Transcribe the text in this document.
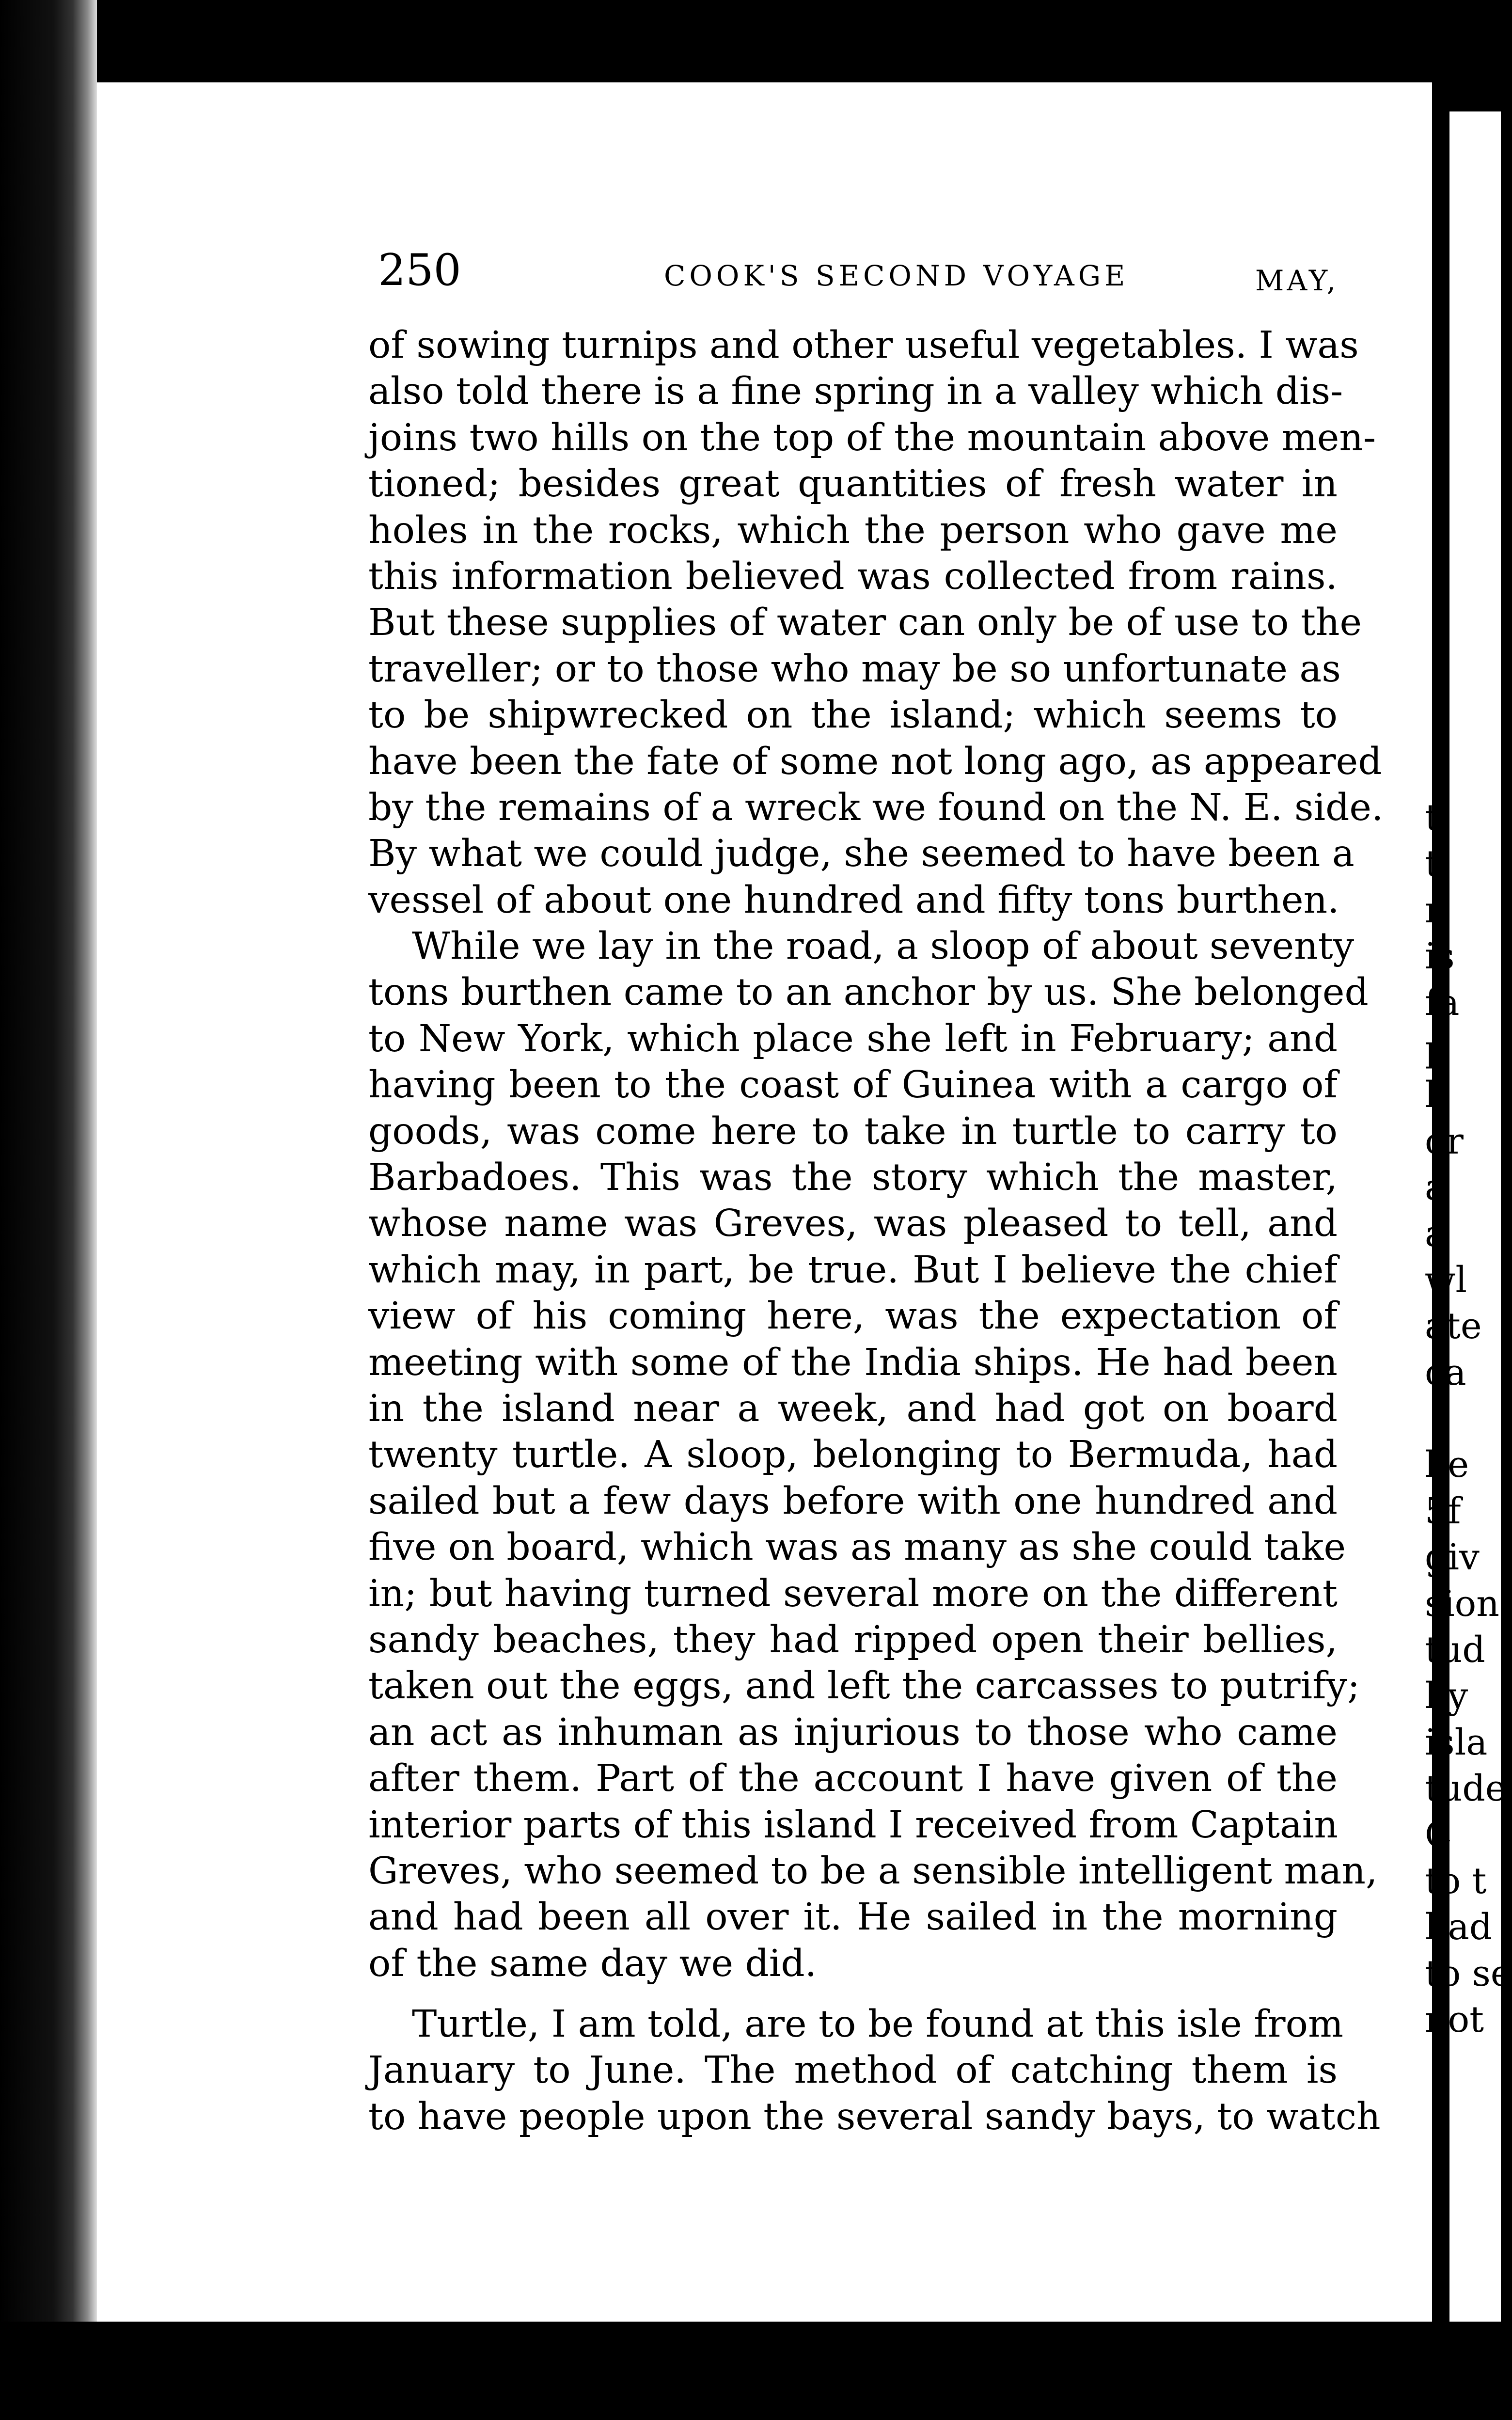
250	COOK'S SECOND VOYAGE	MAY,
of sowing turnips and other useful vegetables. I was
also told there is a fine spring in a valley which dis-
joins two hills on the top of the mountain above men-
tioned; besides great quantities of fresh water in
holes in the rocks, which the person who gave me
this information believed was collected from rains.
But these supplies of water can only be of use to the
traveller; or to those who may be so unfortunate as
to be shipwrecked on the island; which seems to
have been the fate of some not long ago, as appeared
by the remains of a wreck we found on the N. E. side.
By what we could judge, she seemed to have been a
vessel of about one hundred and fifty tons burthen.
While we lay in the road, a sloop of about seventy
tons burthen came to an anchor by us. She belonged
to New York, which place she left in February; and
having been to the coast of Guinea with a cargo of
goods, was come here to take in turtle to carry to
Barbadoes. This was the story which the master,
whose name was Greves, was pleased to tell, and
which may, in part, be true. But I believe the chief
view of his coming here, was the expectation of
meeting with some of the India ships. He had been
in the island near a week, and had got on board
twenty turtle. A sloop, belonging to Bermuda, had
sailed but a few days before with one hundred and
five on board, which was as many as she could take
in; but having turned several more on the different
sandy beaches, they had ripped open their bellies,
taken out the eggs, and left the carcasses to putrify;
an act as inhuman as injurious to those who came
after them. Part of the account I have given of the
interior parts of this island I received from Captain
Greves, who seemed to be a sensible intelligent man,
and had been all over it. He sailed in the morning
of the same day we did.
Turtle, I am told, are to be found at this isle from
January to June. The method of catching them is
to have people upon the several sandy bays, to watch
t
t
r
is
fa
p
b
or
a
a
wl
ate
ca
be
5f
giv
sion
tud
by
isla
tude
C
to t
had
to se
not
